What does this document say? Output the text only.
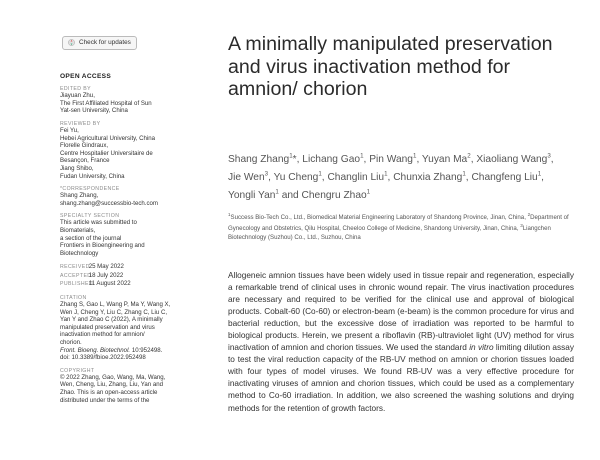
Check for updates
OPEN ACCESS
EDITED BY
Jiayuan Zhu,
The First Affiliated Hospital of Sun
Yat-sen University, China
REVIEWED BY
Fei Yu,
Hebei Agricultural University, China
Florelle Gindraux,
Centre Hospitalier Universitaire de
Besançon, France
Jiang Shibo,
Fudan University, China
*CORRESPONDENCE
Shang Zhang,
shang.zhang@successbio-tech.com
SPECIALTY SECTION
This article was submitted to
Biomaterials,
a section of the journal
Frontiers in Bioengineering and
Biotechnology
RECEIVED 25 May 2022
ACCEPTED 18 July 2022
PUBLISHED 11 August 2022
CITATION
Zhang S, Gao L, Wang P, Ma Y, Wang X,
Wen J, Cheng Y, Liu C, Zhang C, Liu C,
Yan Y and Zhao C (2022), A minimally
manipulated preservation and virus
inactivation method for amnion/
chorion.
Front. Bioeng. Biotechnol. 10:952498.
doi: 10.3389/fbioe.2022.952498
COPYRIGHT
© 2022 Zhang, Gao, Wang, Ma, Wang,
Wen, Cheng, Liu, Zhang, Liu, Yan and
Zhao. This is an open-access article
distributed under the terms of the
A minimally manipulated preservation and virus inactivation method for amnion/ chorion
Shang Zhang$^1$*, Lichang Gao$^1$, Pin Wang$^1$, Yuyan Ma$^2$, Xiaoliang Wang$^3$, Jie Wen$^3$, Yu Cheng$^1$, Changlin Liu$^1$, Chunxia Zhang$^1$, Changfeng Liu$^1$, Yongli Yan$^1$ and Chengru Zhao$^1$
$^1$Success Bio-Tech Co., Ltd., Biomedical Material Engineering Laboratory of Shandong Province, Jinan, China, $^2$Department of Gynecology and Obstetrics, Qilu Hospital, Cheeloo College of Medicine, Shandong University, Jinan, China, $^3$Liangchen Biotechnology (Suzhou) Co., Ltd., Suzhou, China

Allogeneic amnion tissues have been widely used in tissue repair and regeneration, especially a remarkable trend of clinical uses in chronic wound repair. The virus inactivation procedures are necessary and required to be verified for the clinical use and approval of biological products. Cobalt-60 (Co-60) or electron-beam (e-beam) is the common procedure for virus and bacterial reduction, but the excessive dose of irradiation was reported to be harmful to biological products. Herein, we present a riboflavin (RB)-ultraviolet light (UV) method for virus inactivation of amnion and chorion tissues. We used the standard in vitro limiting dilution assay to test the viral reduction capacity of the RB-UV method on amnion or chorion tissues loaded with four types of model viruses. We found RB-UV was a very effective procedure for inactivating viruses of amnion and chorion tissues, which could be used as a complementary method to Co-60 irradiation. In addition, we also screened the washing solutions and drying methods for the retention of growth factors.
